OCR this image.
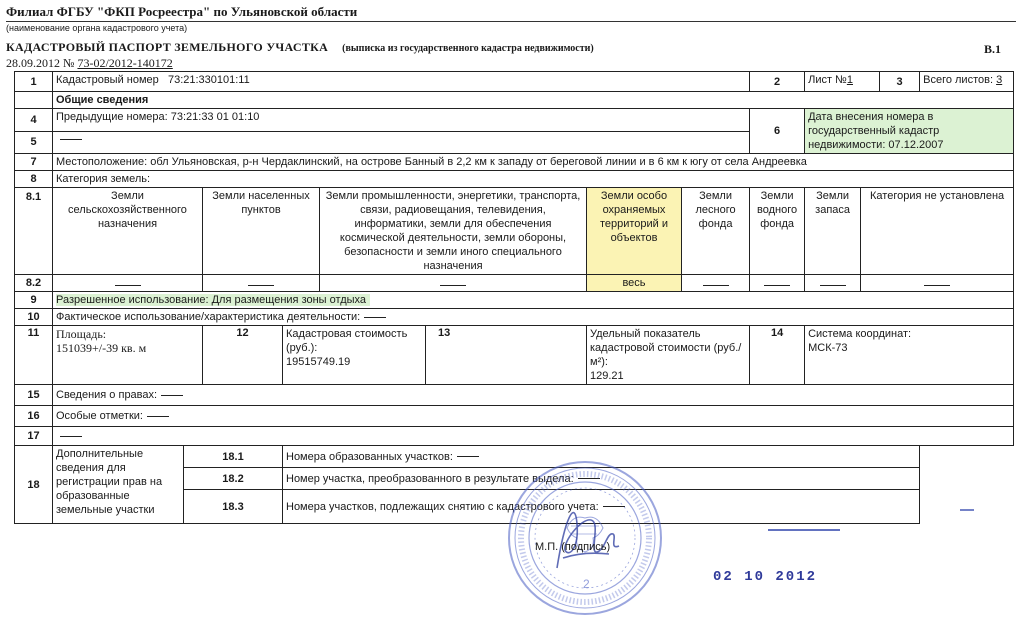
Филиал ФГБУ "ФКП Росреестра" по Ульяновской области
(наименование органа кадастрового учета)
КАДАСТРОВЫЙ ПАСПОРТ ЗЕМЕЛЬНОГО УЧАСТКА (выписка из государственного кадастра недвижимости)	В.1
28.09.2012 № 73-02/2012-140172
1	Кадастровый номер 73:21:330101:11	2	Лист №1	3	Всего листов: 3
	Общие сведения
4	Предыдущие номера: 73:21:33 01 01:10	6	Дата внесения номера в государственный кадастр недвижимости: 07.12.2007
5	
7	Местоположение: обл Ульяновская, р-н Чердаклинский, на острове Банный в 2,2 км к западу от береговой линии и в 6 км к югу от села Андреевка
8	Категория земель:
8.1	Земли сельскохозяйственного назначения	Земли населенных пунктов	Земли промышленности, энергетики, транспорта, связи, радиовещания, телевидения, информатики, земли для обеспечения космической деятельности, земли обороны, безопасности и земли иного специального назначения	Земли особо охраняемых территорий и объектов	Земли лесного фонда	Земли водного фонда	Земли запаса	Категория не установлена
8.2				весь				
9	Разрешенное использование: Для размещения зоны отдыха
10	Фактическое использование/характеристика деятельности:
11	Площадь:
151039+/-39 кв. м
	12	Кадастровая стоимость (руб.):
19515749.19
	13	Удельный показатель кадастровой стоимости (руб./м²):
129.21
	14	Система координат:
МСК-73

15	Сведения о правах:
16	Особые отметки:
17	
18	Дополнительные сведения для регистрации прав на образованные земельные участки	18.1	Номера образованных участков:	
18.2	Номер участка, преобразованного в результате выдела:	
18.3	Номера участков, подлежащих снятию с кадастрового учета:	
2
М.П. (подпись)
02 10 2012
